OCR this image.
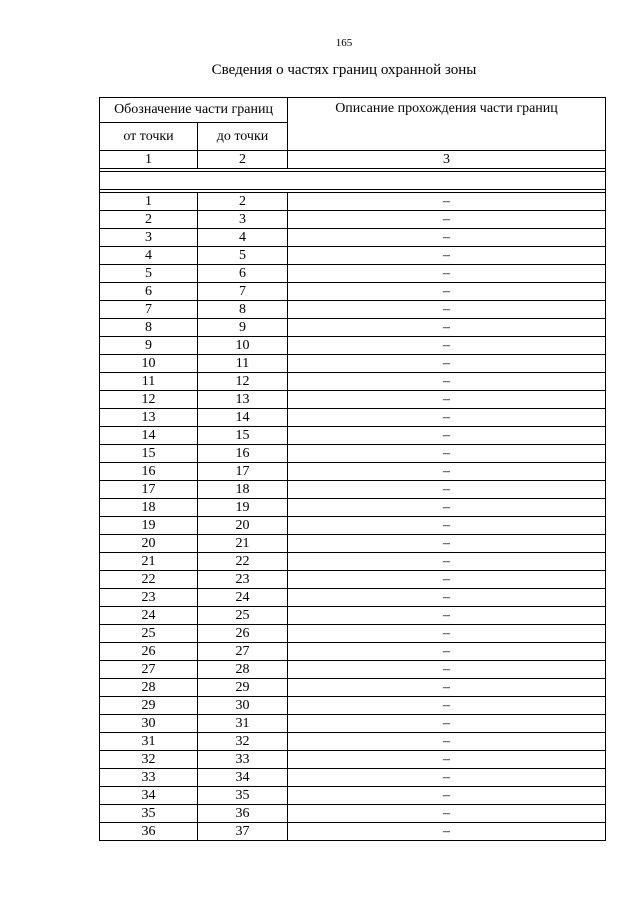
165
Сведения о частях границ охранной зоны
Обозначение части границ		Описание прохождения части границ
от точки	до точки	
1	2	3

1	2	–
2	3	–
3	4	–
4	5	–
5	6	–
6	7	–
7	8	–
8	9	–
9	10	–
10	11	–
11	12	–
12	13	–
13	14	–
14	15	–
15	16	–
16	17	–
17	18	–
18	19	–
19	20	–
20	21	–
21	22	–
22	23	–
23	24	–
24	25	–
25	26	–
26	27	–
27	28	–
28	29	–
29	30	–
30	31	–
31	32	–
32	33	–
33	34	–
34	35	–
35	36	–
36	37	–
